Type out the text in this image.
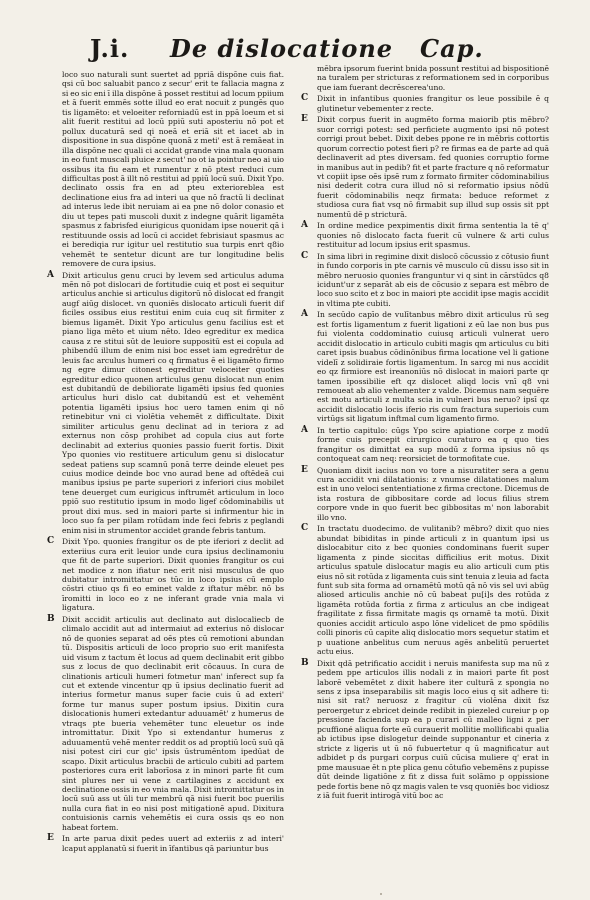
J.i. De dislocatione Cap.
loco suo naturali sunt suertet ad ppriā dispōne cuis fiat. qsi cū boc saluabit panco z secur' erit te fallacia magna z si eo sic eni ī illa dispōne ā posset restitui ad locum ppiium et ā fuerit emmēs sotte illud eo erat nocuit z pungēs quo tis ligamēto: et veloeiter reforniadū est in ppā loeum et si alit fuerit restitui ad locū ppiū suti aposteriu nō pot et pollux ducaturā sed qi noeā et eriā sit et iacet ab in dispositione in sua dispōne quonā z meti' est ā remāeat in illa dispōne nec quali ci accidat grande vina mala quonam in eo funt muscali pluice z secut' no ot ia pointur neo ai uio ossibus ita fiu eam et rumentur z nō ptest reduci cum difficultas post ā illt nō restitui ad ppiū locū suū. Dixit Ypo. declinato ossis fra en ad pteu exterioreblea est declinatione eius fra ad interi ua que nō fractū li declinat ad interus lede ibit neruiam ai ea pne nō dolor conasio et diu ut tepes pati muscoli duxit z indegne quārit ligamēta spasmus z fabrisfed eiurigicus quonidam ipse nouerit qā i restituunde ossis ad locū ci accidet febrisiaut spasmus ac ei berediqia rur igitur uel restitutio sua turpis enrt q8io vehemēt te sentetur dicunt are tur longitudine belis removere de cura ipsius.
A Dixit articulus genu cruci by levem sed articulus aduma mēn nō pot dislocari de fortitudie cuiq et post ei sequitur articulus anchie si articulus digitorū nō dislocat ed frangit augf aiūg dislocet. vn quoniēs dislocato articuli fuerit dif ficiles ossibus eius restitui enim cuia cuq sit firmiter z biemus ligamēt. Dixit Ypo articulus genu facilius est et piano liga mēto et uium nēto. Ideo egreditur ex medica causa z re stitui sūt de leuiore suppositū est ei copula ad phibendū illum de enim nisi boc esset iam egredrētur de leuis fac arculus humeri co q firmatus ē ei ligamēto firmo ng egre dimur citonest egreditur veloceiter quoties egreditur edico quonen articulus genu dislocat nun enim est dubitandū de debiliorate ligamēti ipsius fed quonies articulus huri dislo cat dubitandū est et vehemēnt potentia ligamēti ipsius hoc uero tamen enim qi nō retinebitur vni ci violētia vehemēt z difficultate. Dixit similiter articulus genu declinat ad in teriora z ad externus non cōsp prohibet ad copula cius aut forte declinabit ad exterius quonies passio fuerit fortis. Dixit Ypo quonies vio restituere articulum genu si dislocatur sedeat patiens sup scamnū ponā terre deinde eleuet pes cuius modice deinde boc vno aurad bene ad oftēdeā cui manibus ipsius pe parte superiori z inferiori cius mobilet tene deuerget cum eurigicus inftrumēt articulum in loco ppiō suo restitutio ipsum in modo ligef cōdominabilis ut prout dixi mus. sed in maiori parte si infirmentur hic in loco suo fa per pilam rotūdam inde feci febris z peglandi enim nisi in strumentor accidet grande febris tantum.
C Dixit Ypo. quonies frangitur os de pte iferiori z declit ad exteriius cura erit leuior unde cura ipsius declinamoniu que fit de parte superiori. Dixit quonies frangitur os cui net modice z non ifiatur nec erit nisi musculus de quo dubitatur intromittatur os tūc in loco ipsius cū emplo cōstri ctiuo qs fi eo eminet valde z iftatur mēbr. nō bs īromitti in loco eo z ne inferant grade vnia mala vi ligatura.
B Dixit accidit articulis aut declinato aut dislocaliecb de climalo accidit aut ad intermaiut ad exterius nō dislocar nō de quonies separat ad oēs ptes cū remotioni abundan tū. Dispositis articuli de loco proprio suo erit manifesta uid visum z tactum ēt locus ad quem declinabit erit gibbo sus z locus de quo declinabit erit cōcauus. In cura de clinationis articuli humeri fotmetur man' inferect sup fa cut et extende vincentur qp ū ipsius declinatio fuerit ad interius formetur manus super facie cuis ū ad exteri' forme tur manus super postum ipsius. Dixitin cura dislocationis humeri extedantur aduuamēt' z humerus de vtraqs pte bueria vehemēter tunc eleuetur os inde intromittatur. Dixit Ypo si extendantur humerus z aduuamentū vehē menter reddit os ad proptiū locū suū qā nisi potest ciri cur gic' ipsis ūstrumēntom ipedūat de scapo. Dixit articulus bracbii de articulo cubiti ad partem posteriores cura erit laborīosa z in minori parte fit cum sint plures ner ui vene z cartilagines z accidunt ex declinatione ossis in eo vnia mala. Dixit intromittatur os in locū suū ass ut ūli tur membrū qā nisi fuerit boc puerilis nulla cura fiat in eo nisi post mitigationē apud. Dixitura contuisionis carnis vehemētis ei cura ossis qs eo non habeat fortem.
E In arte parua dixit pedes uuert ad exteriis z ad interi' lcaput applanatū si fuerit in īfantibus qā pariuntur bus
mēbra ipsorum fuerint bnida possunt restitui ad bispositionē na turalem per stricturas z reformationem sed in corporibus que iam fuerant decrēscerea'uno.
C Dixit in infantibus quonies frangitur os leue possibile ē q glutinetur vebementer z recte.
E Dixit corpus fuerit in augmēto forma maiorib ptis mēbro? suor corrigi potest: sed perficiete augmento ipsi nō potest corrigi prout bebet. Dixit debes ppone re in mēbris cottortis quorum correctio potest fieri p? re firmas ea de parte ad quā declinaverit ad ptes diversam. fed quonies corruptio forme in manibus aut in pedib? fit et parte fracture q nō reformatur vt copiit ipse oēs ipsē rum z formato firmiter cōdominabilius nisi dederit cotra cura illud nō si reformatio ipsius nōdū fuerit cōdominabilis neqz firmata: beduce reformet z studiosa cura fiat vsq nō firmabit sup illud sup ossis sit ppt numentū dē p stricturā.
A In ordine medice pexpimentis dixit firma sententia la tē q' quonies nō dislocato facta fuerit cū vulnere & arti culus restituitur ad locum ipsius erit spasmus.
C In sima libri in regimine dixit dislocō cōcussio z cōtusio fiunt in fundo corporis in pte carnis vē musculo cū dissu isso sit in mēbro neruosio quonies franguntur vi q sint in cārstūdcs q8 icidunt'ur z separāt ab eis de cōcusio z separa est mēbro de loco suo scito et z boc in maiori pte accidit ipse magis accidit in vltima pte cubiti.
A In secūdo capīo de vulītanbus mēbro dixit articulus rū seg est fortis ligamentum z fuerit ligationi z eū lae non bus pus fui violenta coddominatio cuiusq articuli vulnerat uero accidit dislocatio in articulo cubiti magis qm articulus cu biti caret ipsis buabus cōdinōnibus firma locatione vel li gatione videlī z solidiraie fortis ligamentum. In sarcg mi nus accidit eo qz firmiore est ireanoniūs nō dislocat in maiori parte qr tamen ipossibilie eft qz dislocet aliqd locis vnī q8 vni remoueat ab alio vehementer z valde. Dicemus nam sequēre est motu articuli z multa scia in vulneri bus neruo? ipsī qz accidit dislocatio locis iferio ris cum fractura superiois cum virtūgs sit ligatum inftmal cum ligamento firmo.
A In tertio capitulo: cūgs Ypo scire apiatione corpe z modū forme cuis precepit cirurgico curaturo ea q quo ties frangitur os dimittat ea sup modū z forma ipsius nō qs contoqueat cam neq: reorsiciet de tormofitate cue.
E Quoniam dixit iacius non vo tore a nisuratiter sera a genu cura accidit vni dilatationis: z vnumse dilatationes malum est in uno veloci sententiatione z firma crectone. Dicemus de ista rostura de gibbositare corde ad locus filius strem corpore vnde in quo fuerit bec gibbositas m' non laborabit illo vno.
C In tractatu duodecimo. de vulitanib? mēbro? dixit quo nies abundat bibiditas in pinde articuli z in quantum ipsi us dislocabitur cito z bec quonies condominans fuerit super ligamenta z pinde siccitas difficilius erit motus. Dixit articulus spatule dislocatur magis eu alio articuli cum ptis eius nō sit rotūda z ligamenta cuis sint tenuia z leuia ad facta funt sub sita forma ad ornamētū motū qā nō vis sel uvi abūg aliosed articulis anchie nō cū babeat pu[i]s des rotūda z ligamēta rotūda fortia z firma z articulus an cbe indigeat fragilitate z fissa firmitate magis qs ornamē ta motū. Dixit quonies accidit articulo aspo lōne videlicet de pmo spōdilis colli pinoris cū capite aliq dislocatio mors sequetur statim et p uuatione anbelitus cum neruus agēs anbelitū peruertet actu eius.
B Dixit qdā petrificatio accidit i neruis manifesta sup ma nū z pedem ppe articulos illis nodali z in maiori parte fit post laborē vebemētet z dixit habere iter culturā z spongia no sens z ipsa inseparabilis sit magis loco eius q sit adhere ti: nisi sit rat? neruosz z fragitur cū violēna dixit fsz peroergetur z ebricet deinde redibit in piezeled cureiur p op pressione facienda sup ea p curari cū malleo ligni z per pcuffioné aliqua forte eū curauerit mollitie mollificabi qualia ab ictibus ipse dislogetur deinde supponantur et cineria z stricte z ligeris ut ū nō fubuertetur q ū magnificatur aut adbidet p ds purgari corpus cuiū cūcisa muliere q' erat in pme mausuae ēt n pte plica genu cōtufio vebemēns z pupisse dūt deinde ligatiōne z fit z dissa fuit solāmo p oppissione pede fortis bene nō qz magis valen te vsq quoniēs boc vidiosz z iā fuit fuerit intirogā vitū boc ac
